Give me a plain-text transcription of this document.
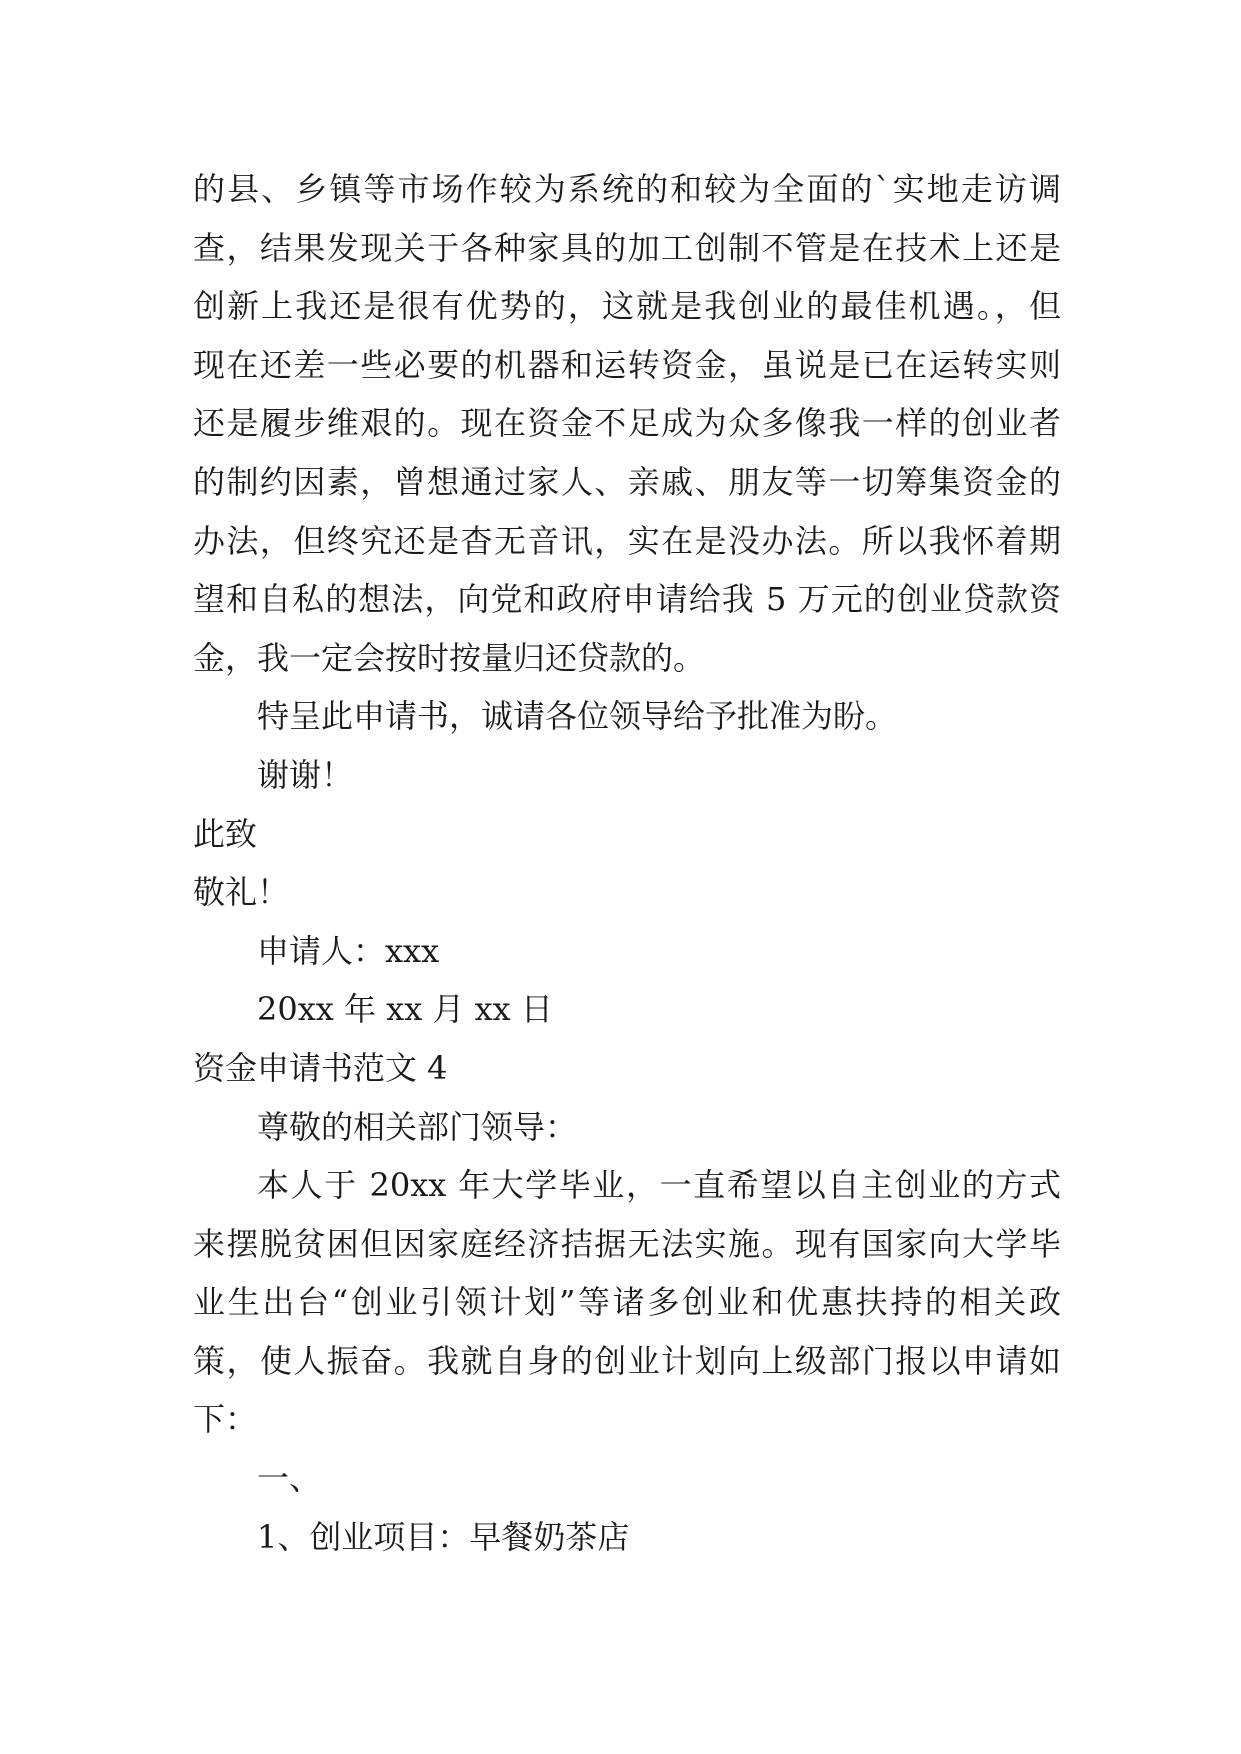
的县、乡镇等市场作较为系统的和较为全面的`实地走访调

查，结果发现关于各种家具的加工创制不管是在技术上还是

创新上我还是很有优势的，这就是我创业的最佳机遇。，但

现在还差一些必要的机器和运转资金，虽说是已在运转实则

还是履步维艰的。现在资金不足成为众多像我一样的创业者

的制约因素，曾想通过家人、亲戚、朋友等一切筹集资金的

办法，但终究还是杳无音讯，实在是没办法。所以我怀着期

望和自私的想法，向党和政府申请给我 5 万元的创业贷款资

金，我一定会按时按量归还贷款的。

特呈此申请书，诚请各位领导给予批准为盼。

谢谢！

此致

敬礼！

申请人：xxx

20xx 年 xx 月 xx 日

资金申请书范文 4

尊敬的相关部门领导：

本人于 20xx 年大学毕业，一直希望以自主创业的方式

来摆脱贫困但因家庭经济拮据无法实施。现有国家向大学毕

业生出台“创业引领计划”等诸多创业和优惠扶持的相关政

策，使人振奋。我就自身的创业计划向上级部门报以申请如

下：

一、

1、创业项目：早餐奶茶店
